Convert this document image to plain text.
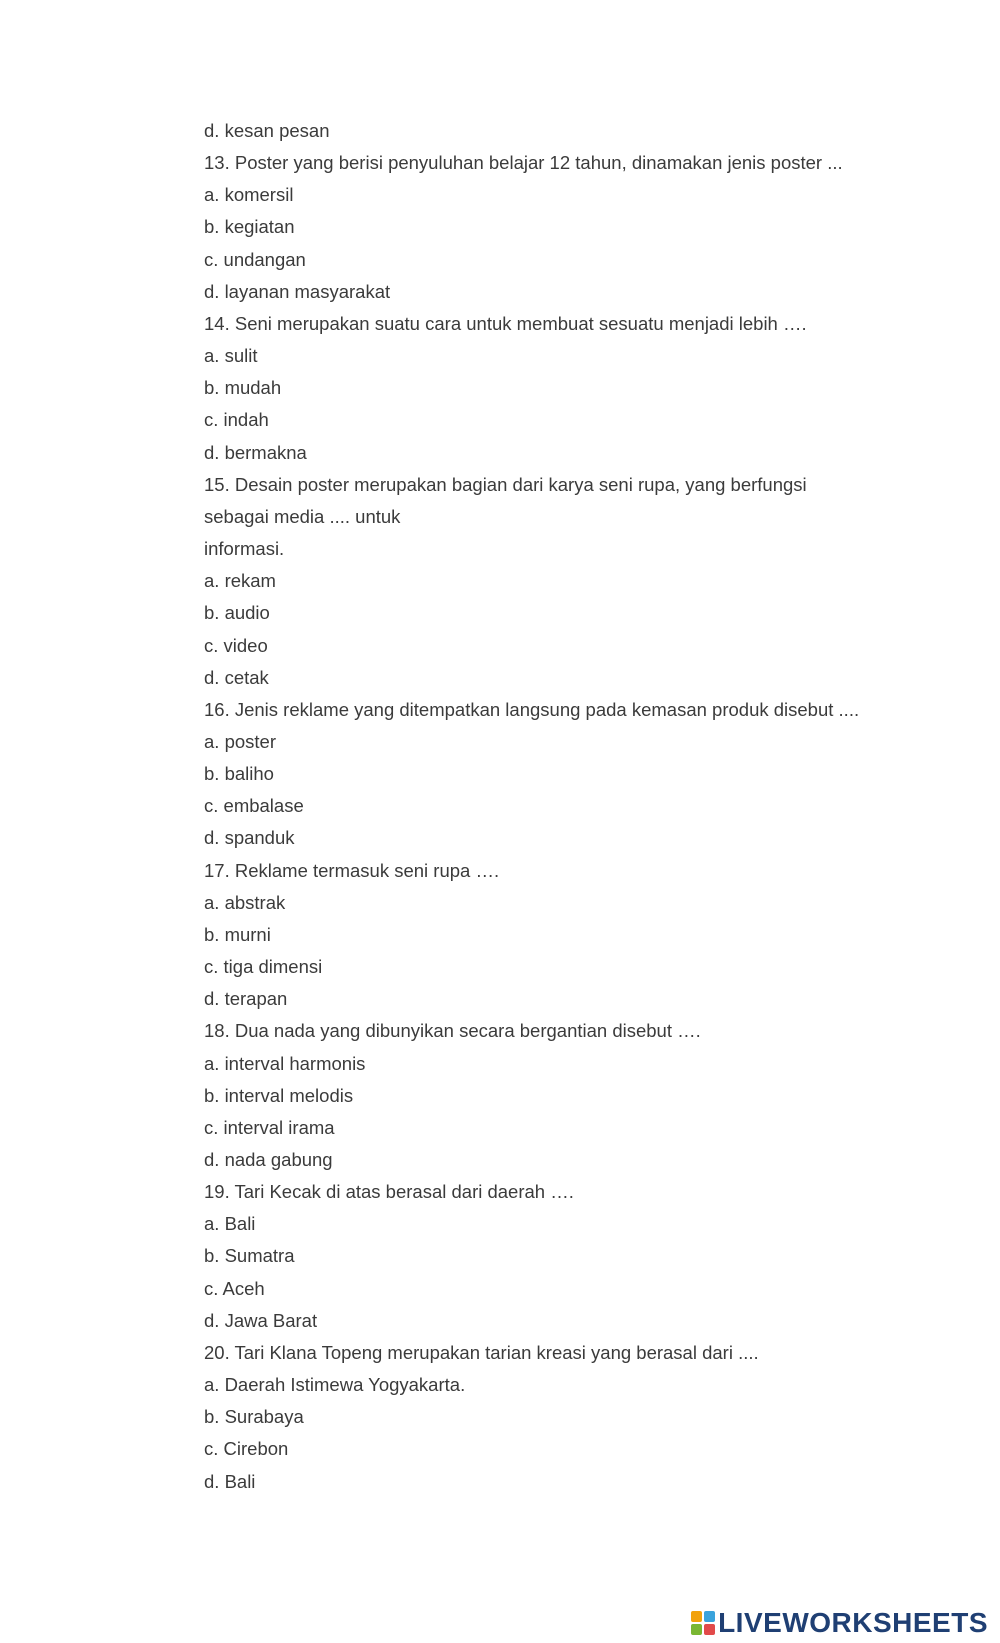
d. kesan pesan
13. Poster yang berisi penyuluhan belajar 12 tahun, dinamakan jenis poster ...
a. komersil
b. kegiatan
c. undangan
d. layanan masyarakat
14. Seni merupakan suatu cara untuk membuat sesuatu menjadi lebih ….
a. sulit
b. mudah
c. indah
d. bermakna
15. Desain poster merupakan bagian dari karya seni rupa, yang berfungsi
sebagai media .... untuk
informasi.
a. rekam
b. audio
c. video
d. cetak
16. Jenis reklame yang ditempatkan langsung pada kemasan produk disebut ....
a. poster
b. baliho
c. embalase
d. spanduk
17. Reklame termasuk seni rupa ….
a. abstrak
b. murni
c. tiga dimensi
d. terapan
18. Dua nada yang dibunyikan secara bergantian disebut ….
a. interval harmonis
b. interval melodis
c. interval irama
d. nada gabung
19. Tari Kecak di atas berasal dari daerah ….
a. Bali
b. Sumatra
c. Aceh
d. Jawa Barat
20. Tari Klana Topeng merupakan tarian kreasi yang berasal dari ....
a. Daerah Istimewa Yogyakarta.
b. Surabaya
c. Cirebon
d. Bali
LIVEWORKSHEETS
